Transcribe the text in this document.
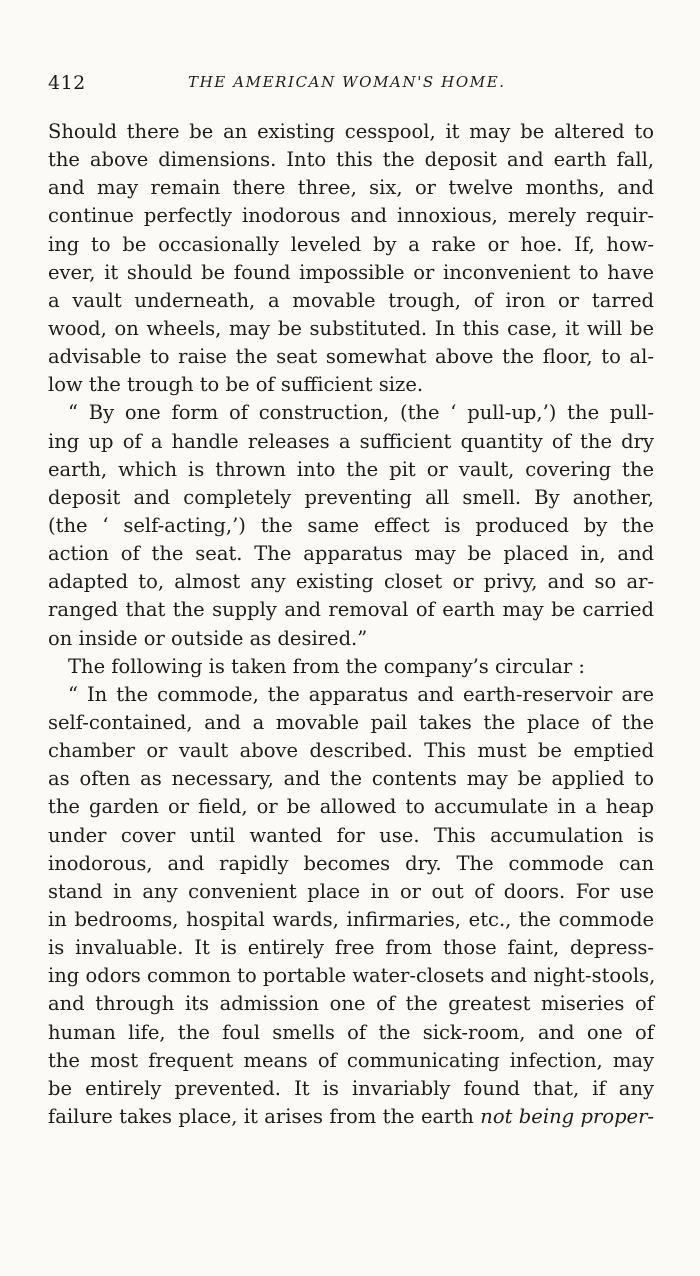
412	THE AMERICAN WOMAN'S HOME.
Should there be an existing cesspool, it may be altered to
the above dimensions. Into this the deposit and earth fall,
and may remain there three, six, or twelve months, and
continue perfectly inodorous and innoxious, merely requir-
ing to be occasionally leveled by a rake or hoe. If, how-
ever, it should be found impossible or inconvenient to have
a vault underneath, a movable trough, of iron or tarred
wood, on wheels, may be substituted. In this case, it will be
advisable to raise the seat somewhat above the floor, to al-
low the trough to be of sufficient size.
“ By one form of construction, (the ‘ pull-up,’) the pull-
ing up of a handle releases a sufficient quantity of the dry
earth, which is thrown into the pit or vault, covering the
deposit and completely preventing all smell. By another,
(the ‘ self-acting,’) the same effect is produced by the
action of the seat. The apparatus may be placed in, and
adapted to, almost any existing closet or privy, and so ar-
ranged that the supply and removal of earth may be carried
on inside or outside as desired.”
The following is taken from the company’s circular :
“ In the commode, the apparatus and earth-reservoir are
self-contained, and a movable pail takes the place of the
chamber or vault above described. This must be emptied
as often as necessary, and the contents may be applied to
the garden or field, or be allowed to accumulate in a heap
under cover until wanted for use. This accumulation is
inodorous, and rapidly becomes dry. The commode can
stand in any convenient place in or out of doors. For use
in bedrooms, hospital wards, infirmaries, etc., the commode
is invaluable. It is entirely free from those faint, depress-
ing odors common to portable water-closets and night-stools,
and through its admission one of the greatest miseries of
human life, the foul smells of the sick-room, and one of
the most frequent means of communicating infection, may
be entirely prevented. It is invariably found that, if any
failure takes place, it arises from the earth not being proper-
